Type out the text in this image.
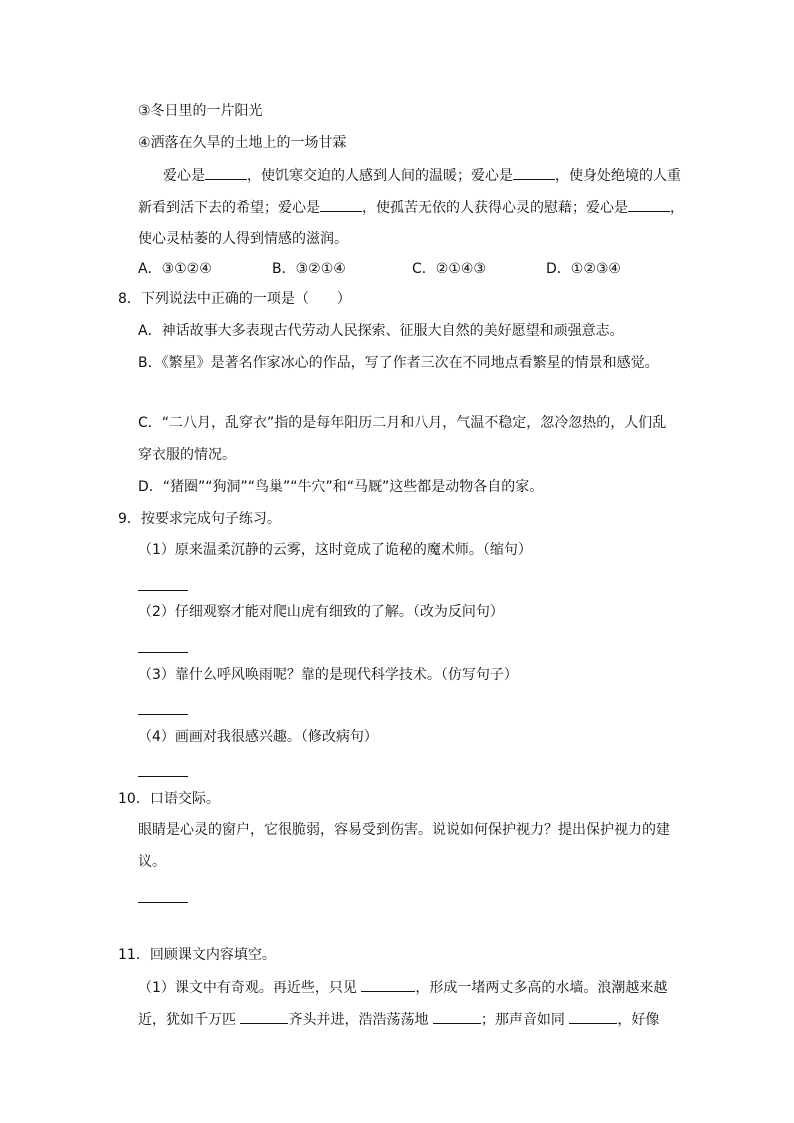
③冬日里的一片阳光
④洒落在久旱的土地上的一场甘霖
爱心是	，使饥寒交迫的人感到人间的温暖；爱心是	，使身处绝境的人重
新看到活下去的希望；爱心是	，使孤苦无依的人获得心灵的慰藉；爱心是	，
使心灵枯萎的人得到情感的滋润。
A．③①②④	B．③②①④	C．②①④③	D．①②③④
8．下列说法中正确的一项是（　　）
A．神话故事大多表现古代劳动人民探索、征服大自然的美好愿望和顽强意志。
B．《繁星》是著名作家冰心的作品，写了作者三次在不同地点看繁星的情景和感觉。
C．“二八月，乱穿衣”指的是每年阳历二月和八月，气温不稳定，忽冷忽热的，人们乱
穿衣服的情况。
D．“猪圈”“狗洞”“鸟巢”“牛穴”和“马厩”这些都是动物各自的家。
9．按要求完成句子练习。
（1）原来温柔沉静的云雾，这时竟成了诡秘的魔术师。（缩句）
（2）仔细观察才能对爬山虎有细致的了解。（改为反问句）
（3）靠什么呼风唤雨呢？靠的是现代科学技术。（仿写句子）
（4）画画对我很感兴趣。（修改病句）
10．口语交际。
眼睛是心灵的窗户，它很脆弱，容易受到伤害。说说如何保护视力？提出保护视力的建
议。
11．回顾课文内容填空。
（1）课文中有奇观。再近些，只见	，形成一堵两丈多高的水墙。浪潮越来越
近，犹如千万匹	齐头并进，浩浩荡荡地	；那声音如同	，好像
